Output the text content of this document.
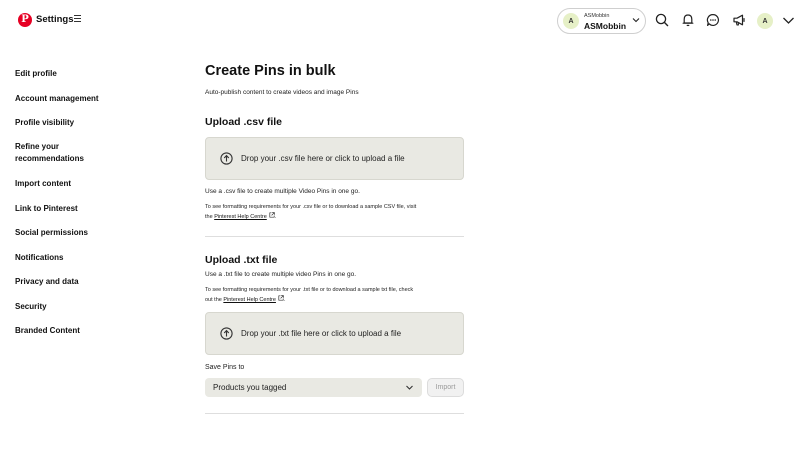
P Settings	A
ASMobbin
ASMobbin	A
Edit profile
Account management
Profile visibility
Refine your recommendations
Import content
Link to Pinterest
Social permissions
Notifications
Privacy and data
Security
Branded Content
Create Pins in bulk
Auto-publish content to create videos and image Pins
Upload .csv file
Drop your .csv file here or click to upload a file
Use a .csv file to create multiple Video Pins in one go.
To see formatting requirements for your .csv file or to download a sample CSV file, visit
the Pinterest Help Centre .
Upload .txt file
Use a .txt file to create multiple video Pins in one go.
To see formatting requirements for your .txt file or to download a sample txt file, check
out the Pinterest Help Centre .
Drop your .txt file here or click to upload a file
Save Pins to
Products you tagged	Import
